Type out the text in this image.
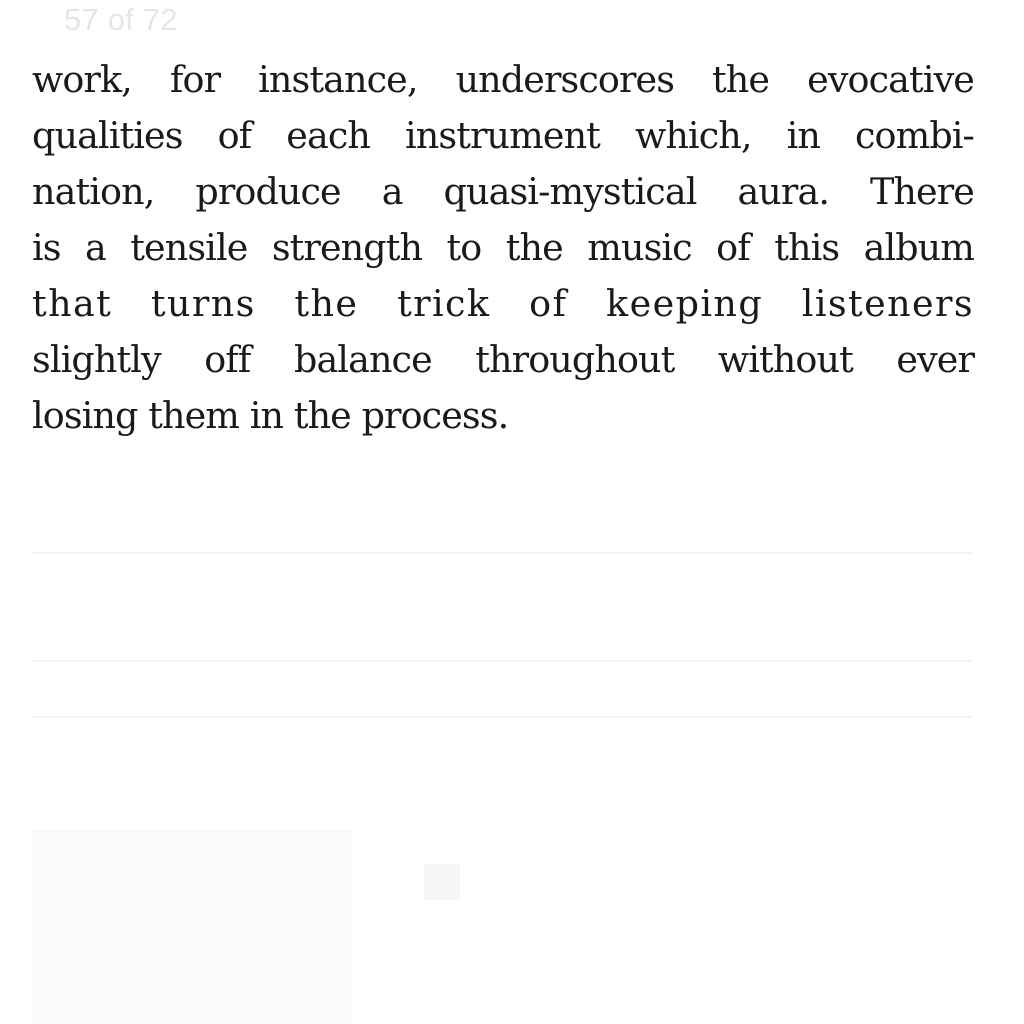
57 of 72
work, for instance, underscores the evocative
qualities of each instrument which, in combi-
nation, produce a quasi-mystical aura. There
is a tensile strength to the music of this album
that turns the trick of keeping listeners
slightly off balance throughout without ever
losing them in the process.
